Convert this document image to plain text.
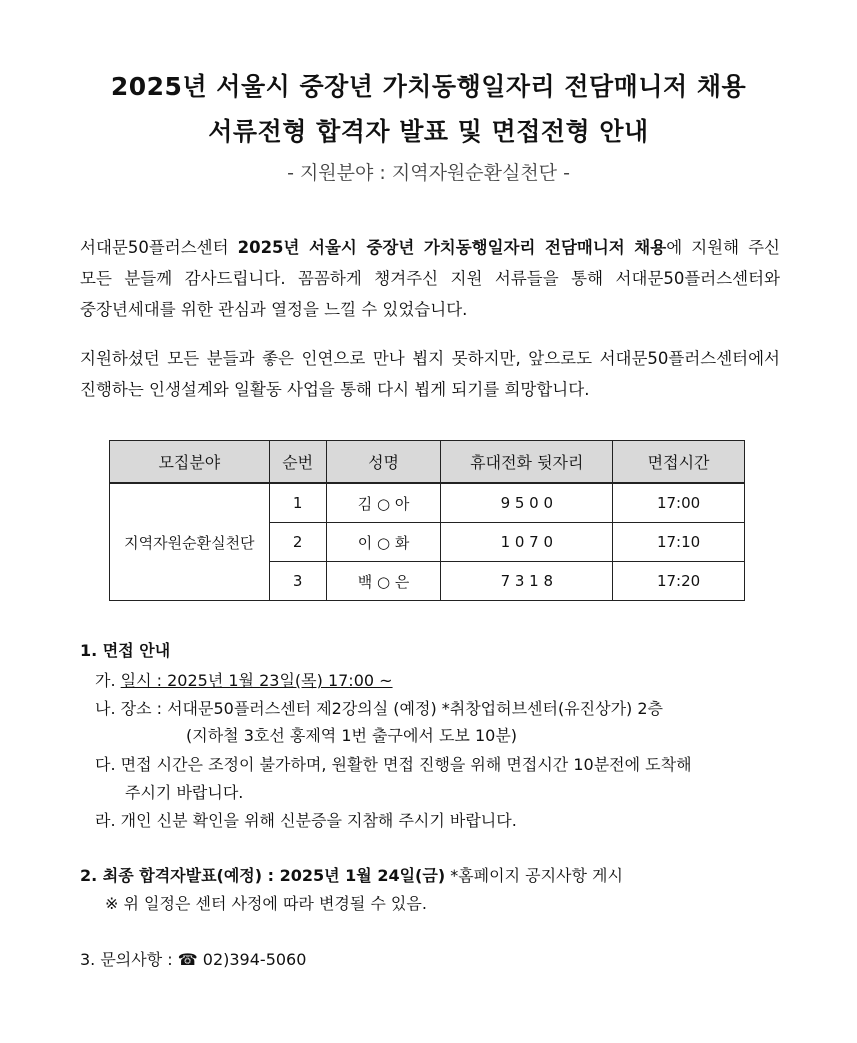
2025년 서울시 중장년 가치동행일자리 전담매니저 채용
서류전형 합격자 발표 및 면접전형 안내
- 지원분야 : 지역자원순환실천단 -
서대문50플러스센터 2025년 서울시 중장년 가치동행일자리 전담매니저 채용에 지원해 주신 모든 분들께 감사드립니다. 꼼꼼하게 챙겨주신 지원 서류들을 통해 서대문50플러스센터와 중장년세대를 위한 관심과 열정을 느낄 수 있었습니다.
지원하셨던 모든 분들과 좋은 인연으로 만나 뵙지 못하지만, 앞으로도 서대문50플러스센터에서 진행하는 인생설계와 일활동 사업을 통해 다시 뵙게 되기를 희망합니다.
모집분야	순번	성명	휴대전화 뒷자리	면접시간
지역자원순환실천단	1	김 ○ 아	9 5 0 0	17:00
	2	이 ○ 화	1 0 7 0	17:10
	3	백 ○ 은	7 3 1 8	17:20
1. 면접 안내
가. 일시 : 2025년 1월 23일(목) 17:00 ~
나. 장소 : 서대문50플러스센터 제2강의실 (예정) *취창업허브센터(유진상가) 2층
(지하철 3호선 홍제역 1번 출구에서 도보 10분)
다. 면접 시간은 조정이 불가하며, 원활한 면접 진행을 위해 면접시간 10분전에 도착해
주시기 바랍니다.
라. 개인 신분 확인을 위해 신분증을 지참해 주시기 바랍니다.
2. 최종 합격자발표(예정) : 2025년 1월 24일(금) *홈페이지 공지사항 게시
※ 위 일정은 센터 사정에 따라 변경될 수 있음.
3. 문의사항 : ☎ 02)394-5060
